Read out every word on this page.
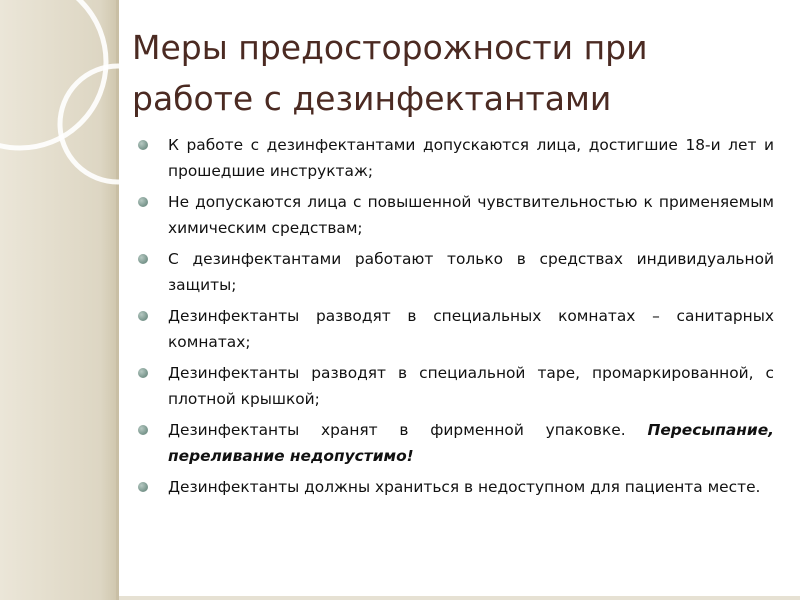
Меры предосторожности при работе с дезинфектантами
К работе с дезинфектантами допускаются лица, достигшие 18-и лет и прошедшие инструктаж;
Не допускаются лица с повышенной чувствительностью к применяемым химическим средствам;
С дезинфектантами работают только в средствах индивидуальной защиты;
Дезинфектанты разводят в специальных комнатах – санитарных комнатах;
Дезинфектанты разводят в специальной таре, промаркированной, с плотной крышкой;
Дезинфектанты хранят в фирменной упаковке. Пересыпание, переливание недопустимо!
Дезинфектанты должны храниться в недоступном для пациента месте.
